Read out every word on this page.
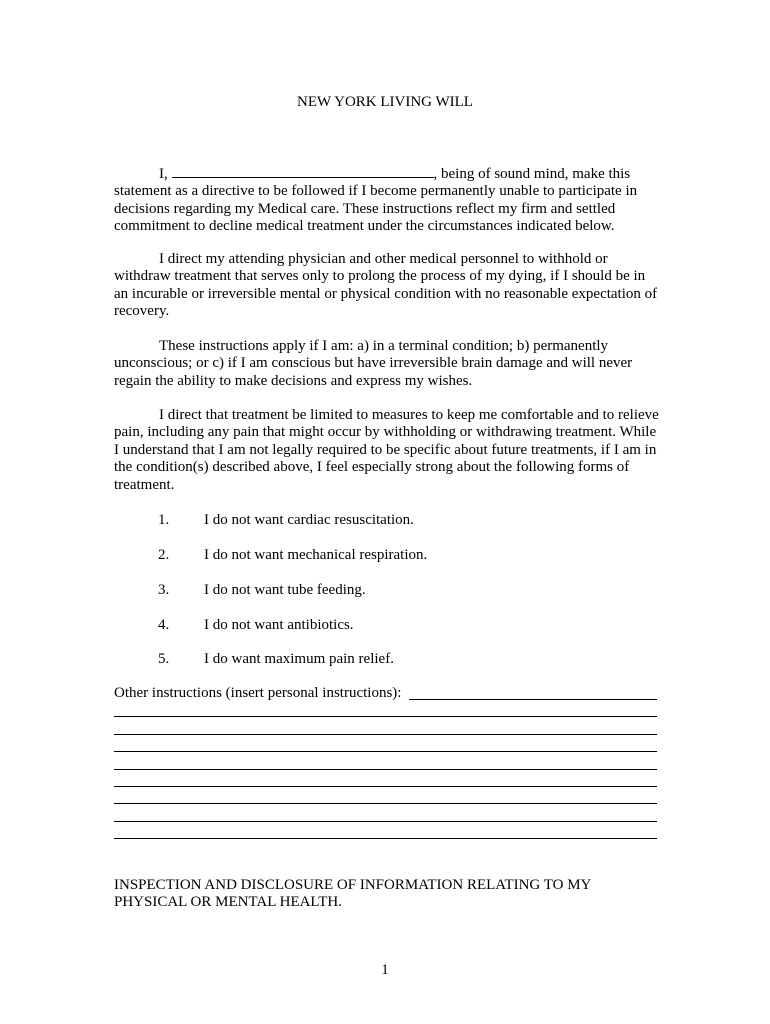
NEW YORK LIVING WILL

I,	, being of sound mind, make this statement as a directive to be followed if I become permanently unable to participate in decisions regarding my Medical care. These instructions reflect my firm and settled commitment to decline medical treatment under the circumstances indicated below.

I direct my attending physician and other medical personnel to withhold or withdraw treatment that serves only to prolong the process of my dying, if I should be in an incurable or irreversible mental or physical condition with no reasonable expectation of recovery.

These instructions apply if I am: a) in a terminal condition; b) permanently unconscious; or c) if I am conscious but have irreversible brain damage and will never regain the ability to make decisions and express my wishes.

I direct that treatment be limited to measures to keep me comfortable and to relieve pain, including any pain that might occur by withholding or withdrawing treatment. While I understand that I am not legally required to be specific about future treatments, if I am in the condition(s) described above, I feel especially strong about the following forms of treatment.

1. I do not want cardiac resuscitation.
2. I do not want mechanical respiration.
3. I do not want tube feeding.
4. I do not want antibiotics.
5. I do want maximum pain relief.
Other instructions (insert personal instructions):

INSPECTION AND DISCLOSURE OF INFORMATION RELATING TO MY PHYSICAL OR MENTAL HEALTH.

1
